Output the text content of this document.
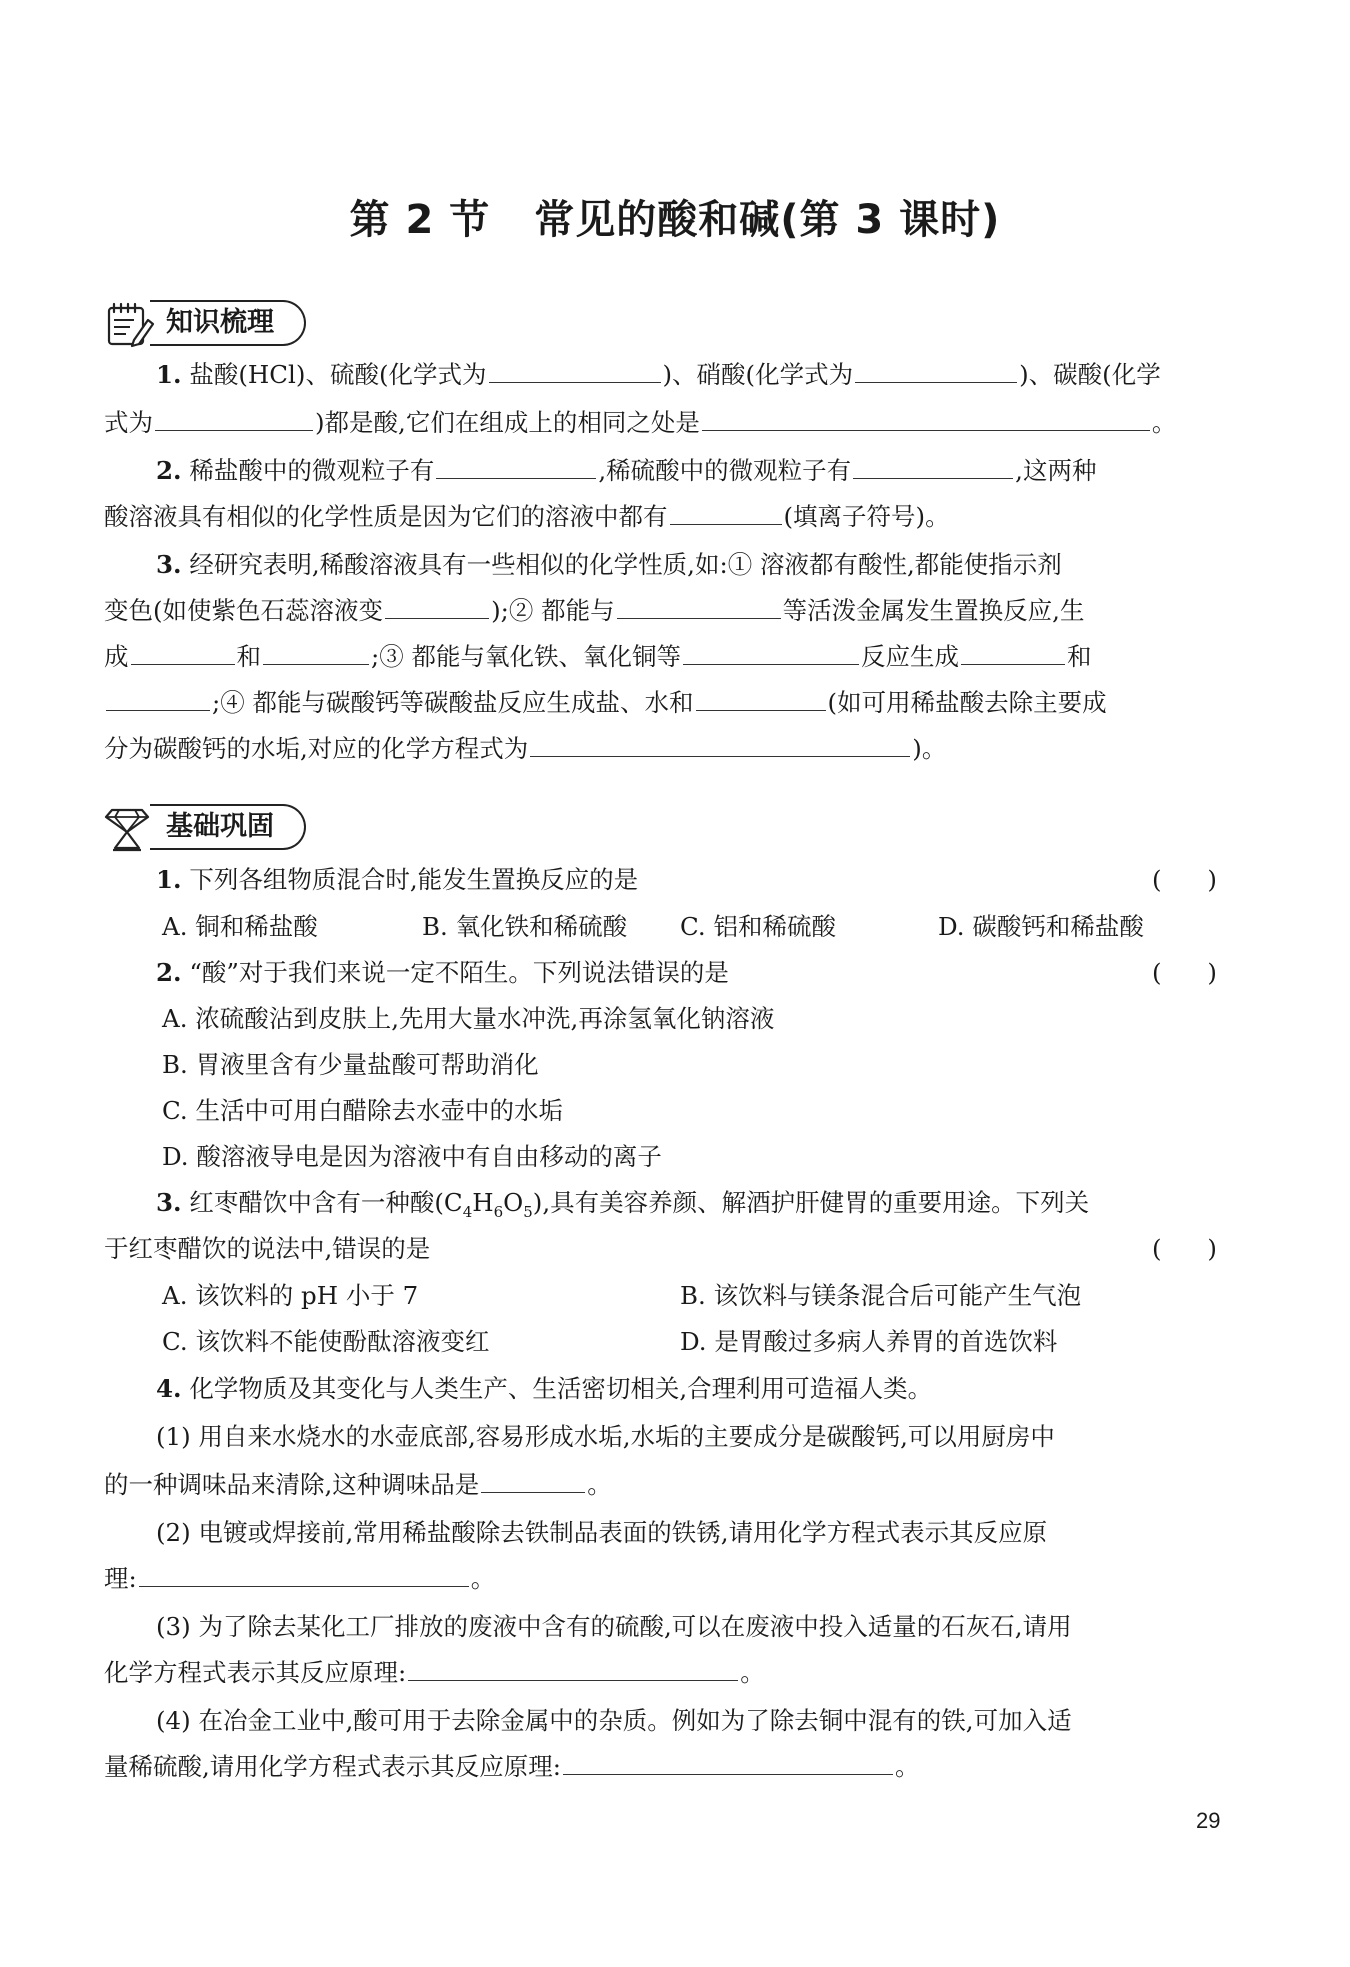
第 2 节 常见的酸和碱(第 3 课时)
知识梳理
1. 盐酸(HCl)、硫酸(化学式为	)、硝酸(化学式为	)、碳酸(化学
式为	)都是酸,它们在组成上的相同之处是	。
2. 稀盐酸中的微观粒子有	,稀硫酸中的微观粒子有	,这两种
酸溶液具有相似的化学性质是因为它们的溶液中都有	(填离子符号)。
3. 经研究表明,稀酸溶液具有一些相似的化学性质,如:① 溶液都有酸性,都能使指示剂
变色(如使紫色石蕊溶液变	);② 都能与	等活泼金属发生置换反应,生
成	和	;③ 都能与氧化铁、氧化铜等	反应生成	和
;④ 都能与碳酸钙等碳酸盐反应生成盐、水和	(如可用稀盐酸去除主要成
分为碳酸钙的水垢,对应的化学方程式为	)。
基础巩固
1. 下列各组物质混合时,能发生置换反应的是	( )
A. 铜和稀盐酸	B. 氧化铁和稀硫酸 C. 铝和稀硫酸	D. 碳酸钙和稀盐酸
2. “酸”对于我们来说一定不陌生。下列说法错误的是	( )
A. 浓硫酸沾到皮肤上,先用大量水冲洗,再涂氢氧化钠溶液
B. 胃液里含有少量盐酸可帮助消化
C. 生活中可用白醋除去水壶中的水垢
D. 酸溶液导电是因为溶液中有自由移动的离子
3. 红枣醋饮中含有一种酸$(C_4H_6O_5)$,具有美容养颜、解酒护肝健胃的重要用途。下列关
于红枣醋饮的说法中,错误的是	( )
A. 该饮料的 pH 小于 7	B. 该饮料与镁条混合后可能产生气泡
C. 该饮料不能使酚酞溶液变红	D. 是胃酸过多病人养胃的首选饮料
4. 化学物质及其变化与人类生产、生活密切相关,合理利用可造福人类。
(1) 用自来水烧水的水壶底部,容易形成水垢,水垢的主要成分是碳酸钙,可以用厨房中
的一种调味品来清除,这种调味品是	。
(2) 电镀或焊接前,常用稀盐酸除去铁制品表面的铁锈,请用化学方程式表示其反应原
理:	。
(3) 为了除去某化工厂排放的废液中含有的硫酸,可以在废液中投入适量的石灰石,请用
化学方程式表示其反应原理:	。
(4) 在冶金工业中,酸可用于去除金属中的杂质。例如为了除去铜中混有的铁,可加入适
量稀硫酸,请用化学方程式表示其反应原理:	。
29
